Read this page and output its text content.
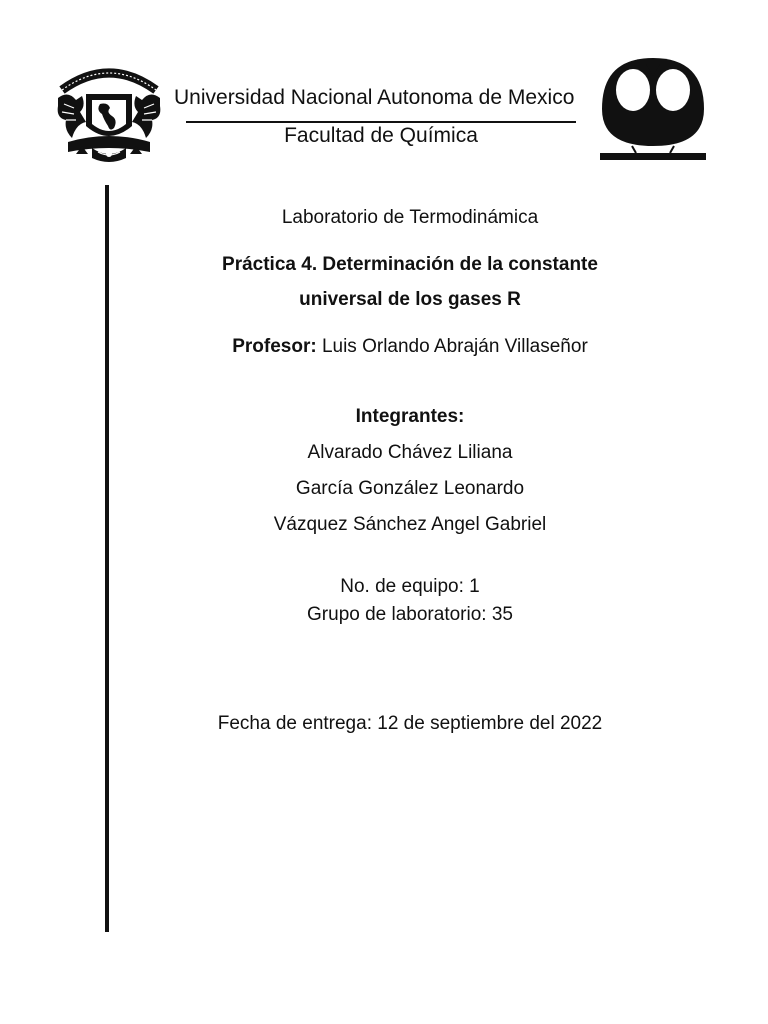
Universidad Nacional Autonoma de Mexico
Facultad de Química
Laboratorio de Termodinámica
Práctica 4. Determinación de la constante
universal de los gases R
Profesor: Luis Orlando Abraján Villaseñor
Integrantes:
Alvarado Chávez Liliana
García González Leonardo
Vázquez Sánchez Angel Gabriel
No. de equipo: 1
Grupo de laboratorio: 35
Fecha de entrega: 12 de septiembre del 2022
